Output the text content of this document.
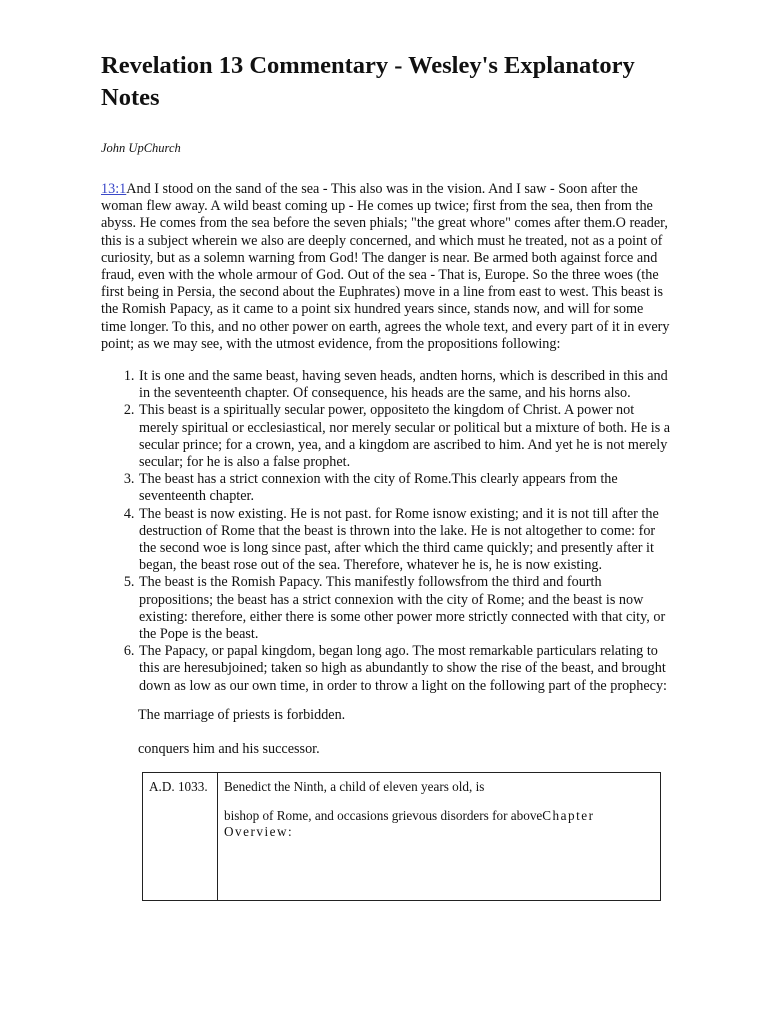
Revelation 13 Commentary - Wesley's Explanatory Notes
John UpChurch
13:1And I stood on the sand of the sea - This also was in the vision. And I saw - Soon after the woman flew away. A wild beast coming up - He comes up twice; first from the sea, then from the abyss. He comes from the sea before the seven phials; "the great whore" comes after them.O reader, this is a subject wherein we also are deeply concerned, and which must he treated, not as a point of curiosity, but as a solemn warning from God! The danger is near. Be armed both against force and fraud, even with the whole armour of God. Out of the sea - That is, Europe. So the three woes (the first being in Persia, the second about the Euphrates) move in a line from east to west. This beast is the Romish Papacy, as it came to a point six hundred years since, stands now, and will for some time longer. To this, and no other power on earth, agrees the whole text, and every part of it in every point; as we may see, with the utmost evidence, from the propositions following:
1. It is one and the same beast, having seven heads, andten horns, which is described in this and in the seventeenth chapter. Of consequence, his heads are the same, and his horns also.
2. This beast is a spiritually secular power, oppositeto the kingdom of Christ. A power not merely spiritual or ecclesiastical, nor merely secular or political but a mixture of both. He is a secular prince; for a crown, yea, and a kingdom are ascribed to him. And yet he is not merely secular; for he is also a false prophet.
3. The beast has a strict connexion with the city of Rome.This clearly appears from the seventeenth chapter.
4. The beast is now existing. He is not past. for Rome isnow existing; and it is not till after the destruction of Rome that the beast is thrown into the lake. He is not altogether to come: for the second woe is long since past, after which the third came quickly; and presently after it began, the beast rose out of the sea. Therefore, whatever he is, he is now existing.
5. The beast is the Romish Papacy. This manifestly followsfrom the third and fourth propositions; the beast has a strict connexion with the city of Rome; and the beast is now existing: therefore, either there is some other power more strictly connected with that city, or the Pope is the beast.
6. The Papacy, or papal kingdom, began long ago. The most remarkable particulars relating to this are heresubjoined; taken so high as abundantly to show the rise of the beast, and brought down as low as our own time, in order to throw a light on the following part of the prophecy:
The marriage of priests is forbidden.
conquers him and his successor.
A.D. 1033.	Benedict the Ninth, a child of eleven years old, is
bishop of Rome, and occasions grievous disorders for aboveChapter Overview:
